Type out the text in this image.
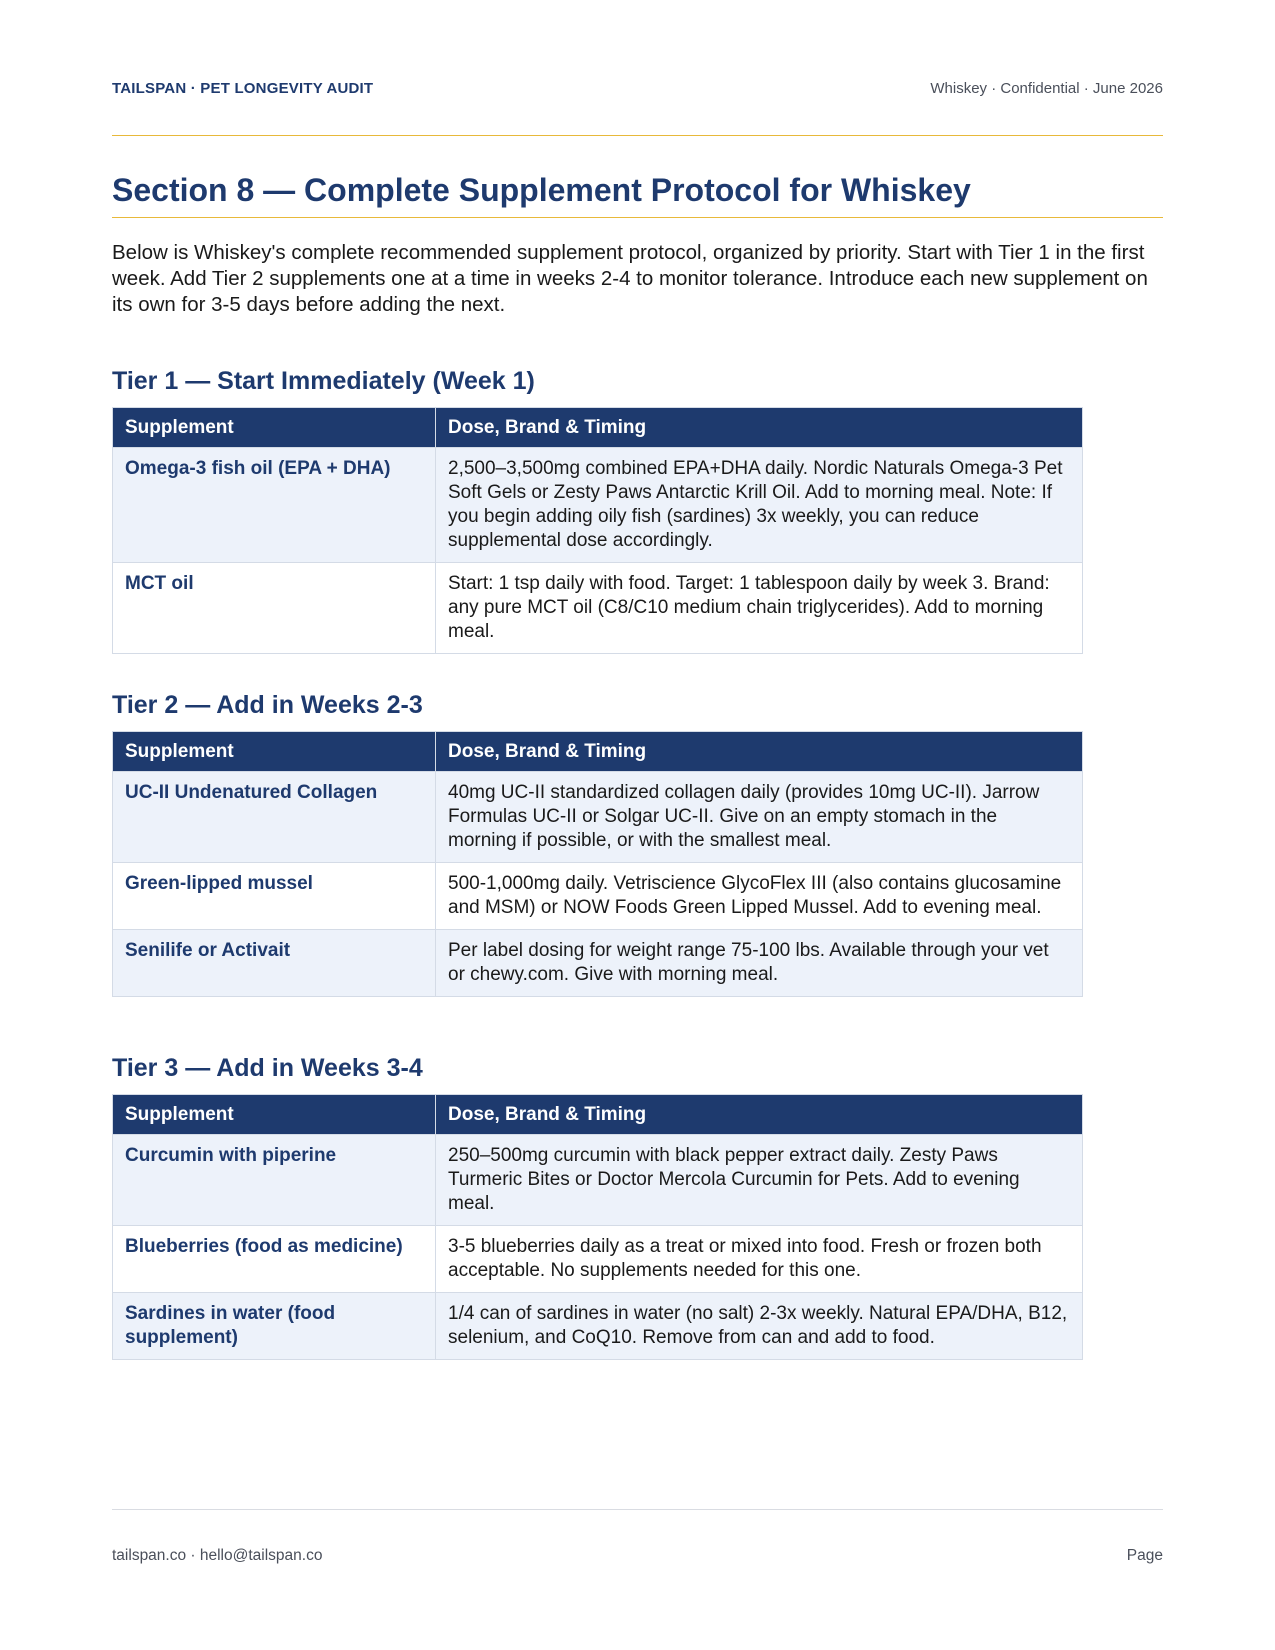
TAILSPAN · PET LONGEVITY AUDIT	Whiskey · Confidential · June 2026
Section 8 — Complete Supplement Protocol for Whiskey

Below is Whiskey's complete recommended supplement protocol, organized by priority. Start with Tier 1 in the first week. Add Tier 2 supplements one at a time in weeks 2-4 to monitor tolerance. Introduce each new supplement on its own for 3-5 days before adding the next.

Tier 1 — Start Immediately (Week 1)
Supplement	Dose, Brand & Timing
Omega-3 fish oil (EPA + DHA)	2,500–3,500mg combined EPA+DHA daily. Nordic Naturals Omega-3 Pet Soft Gels or Zesty Paws Antarctic Krill Oil. Add to morning meal. Note: If you begin adding oily fish (sardines) 3x weekly, you can reduce supplemental dose accordingly.
MCT oil	Start: 1 tsp daily with food. Target: 1 tablespoon daily by week 3. Brand: any pure MCT oil (C8/C10 medium chain triglycerides). Add to morning meal.
Tier 2 — Add in Weeks 2-3
Supplement	Dose, Brand & Timing
UC-II Undenatured Collagen	40mg UC-II standardized collagen daily (provides 10mg UC-II). Jarrow Formulas UC-II or Solgar UC-II. Give on an empty stomach in the morning if possible, or with the smallest meal.
Green-lipped mussel	500-1,000mg daily. Vetriscience GlycoFlex III (also contains glucosamine and MSM) or NOW Foods Green Lipped Mussel. Add to evening meal.
Senilife or Activait	Per label dosing for weight range 75-100 lbs. Available through your vet or chewy.com. Give with morning meal.
Tier 3 — Add in Weeks 3-4
Supplement	Dose, Brand & Timing
Curcumin with piperine	250–500mg curcumin with black pepper extract daily. Zesty Paws Turmeric Bites or Doctor Mercola Curcumin for Pets. Add to evening meal.
Blueberries (food as medicine)	3-5 blueberries daily as a treat or mixed into food. Fresh or frozen both acceptable. No supplements needed for this one.
Sardines in water (food supplement)	1/4 can of sardines in water (no salt) 2-3x weekly. Natural EPA/DHA, B12, selenium, and CoQ10. Remove from can and add to food.
tailspan.co · hello@tailspan.co	Page
